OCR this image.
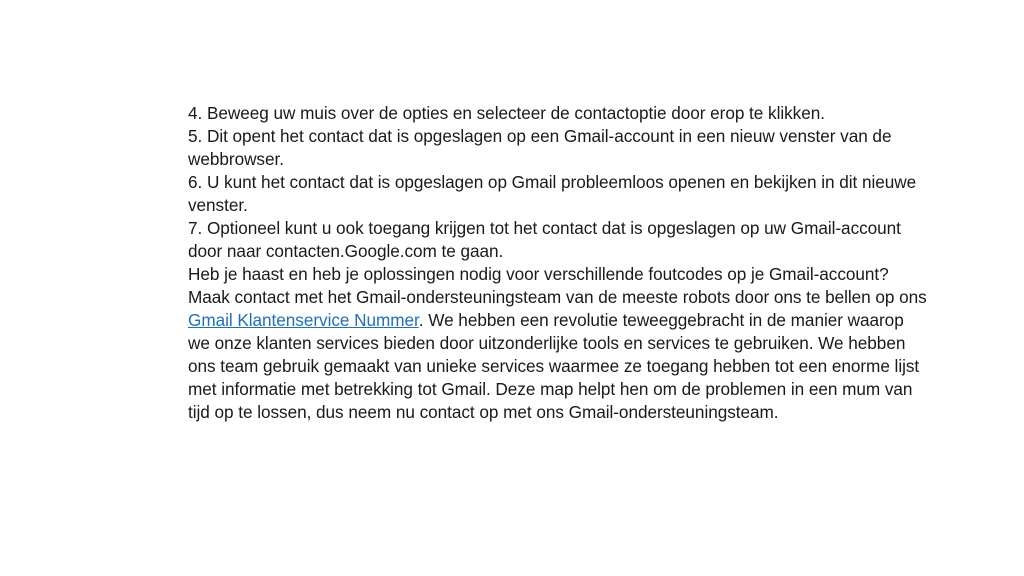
4. Beweeg uw muis over de opties en selecteer de contactoptie door erop te klikken.

5. Dit opent het contact dat is opgeslagen op een Gmail-account in een nieuw venster van de webbrowser.

6. U kunt het contact dat is opgeslagen op Gmail probleemloos openen en bekijken in dit nieuwe venster.

7. Optioneel kunt u ook toegang krijgen tot het contact dat is opgeslagen op uw Gmail-account door naar contacten.Google.com te gaan.

Heb je haast en heb je oplossingen nodig voor verschillende foutcodes op je Gmail-account? Maak contact met het Gmail-ondersteuningsteam van de meeste robots door ons te bellen op ons Gmail Klantenservice Nummer. We hebben een revolutie teweeggebracht in de manier waarop we onze klanten services bieden door uitzonderlijke tools en services te gebruiken. We hebben ons team gebruik gemaakt van unieke services waarmee ze toegang hebben tot een enorme lijst met informatie met betrekking tot Gmail. Deze map helpt hen om de problemen in een mum van tijd op te lossen, dus neem nu contact op met ons Gmail-ondersteuningsteam.
